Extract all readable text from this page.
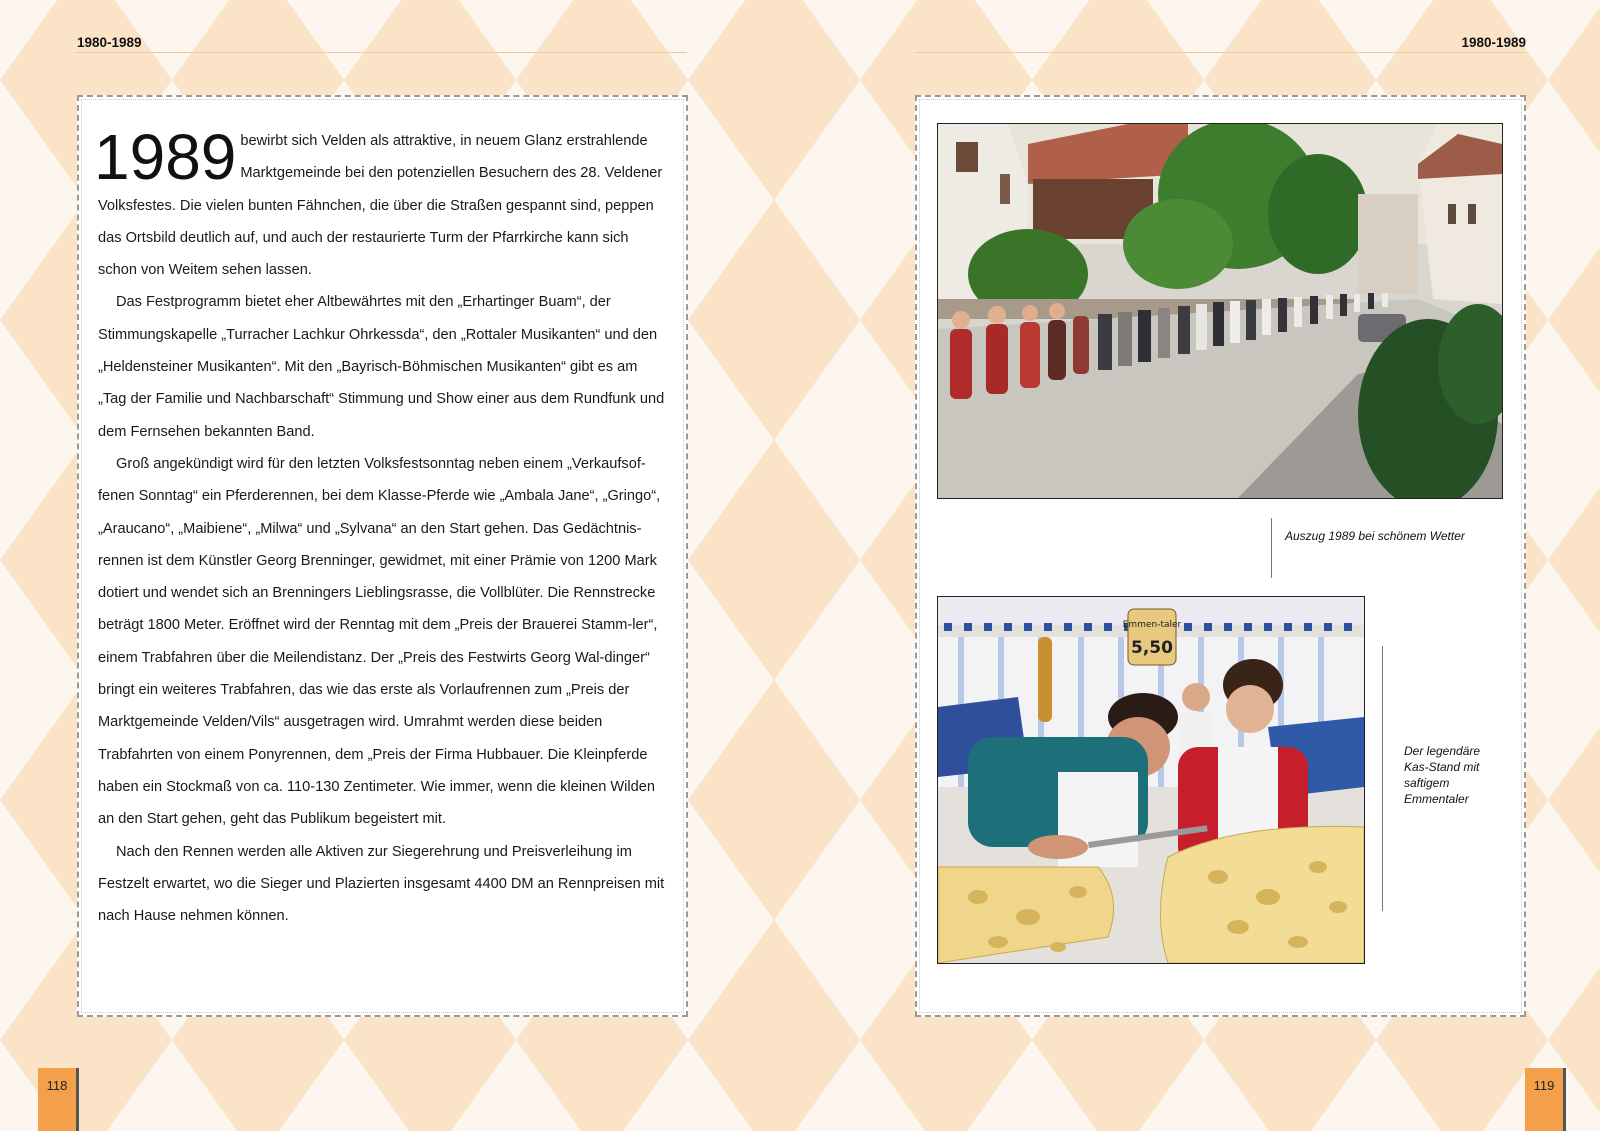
1980-1989	1980-1989

1989 bewirbt sich Velden als attraktive, in neuem Glanz erstrahlende Marktgemeinde bei den potenziellen Besuchern des 28. Veldener Volksfestes. Die vielen bunten Fähnchen, die über die Straßen gespannt sind, peppen das Ortsbild deutlich auf, und auch der restaurierte Turm der Pfarrkirche kann sich schon von Weitem sehen lassen.

Das Festprogramm bietet eher Altbewährtes mit den „Erhartinger Buam“, der Stimmungskapelle „Turracher Lachkur Ohrkessda“, den „Rottaler Musikanten“ und den „Heldensteiner Musikanten“. Mit den „Bayrisch-Böhmischen Musikanten“ gibt es am „Tag der Familie und Nachbarschaft“ Stimmung und Show einer aus dem Rundfunk und dem Fernsehen bekannten Band.

Groß angekündigt wird für den letzten Volksfestsonntag neben einem „Verkaufsof-fenen Sonntag“ ein Pferderennen, bei dem Klasse-Pferde wie „Ambala Jane“, „Gringo“, „Araucano“, „Maibiene“, „Milwa“ und „Sylvana“ an den Start gehen. Das Gedächtnis-rennen ist dem Künstler Georg Brenninger, gewidmet, mit einer Prämie von 1200 Mark dotiert und wendet sich an Brenningers Lieblingsrasse, die Vollblüter. Die Rennstrecke beträgt 1800 Meter. Eröffnet wird der Renntag mit dem „Preis der Brauerei Stamm-ler“, einem Trabfahren über die Meilendistanz. Der „Preis des Festwirts Georg Wal-dinger“ bringt ein weiteres Trabfahren, das wie das erste als Vorlaufrennen zum „Preis der Marktgemeinde Velden/Vils“ ausgetragen wird. Umrahmt werden diese beiden Trabfahrten von einem Ponyrennen, dem „Preis der Firma Hubbauer. Die Kleinpferde haben ein Stockmaß von ca. 110-130 Zentimeter. Wie immer, wenn die kleinen Wilden an den Start gehen, geht das Publikum begeistert mit.

Nach den Rennen werden alle Aktiven zur Siegerehrung und Preisverleihung im Festzelt erwartet, wo die Sieger und Plazierten insgesamt 4400 DM an Rennpreisen mit nach Hause nehmen können.

Auszug 1989 bei schönem Wetter
Emmen-taler
5,50
Der legendäre
Kas-Stand mit
saftigem
Emmentaler
118	119
